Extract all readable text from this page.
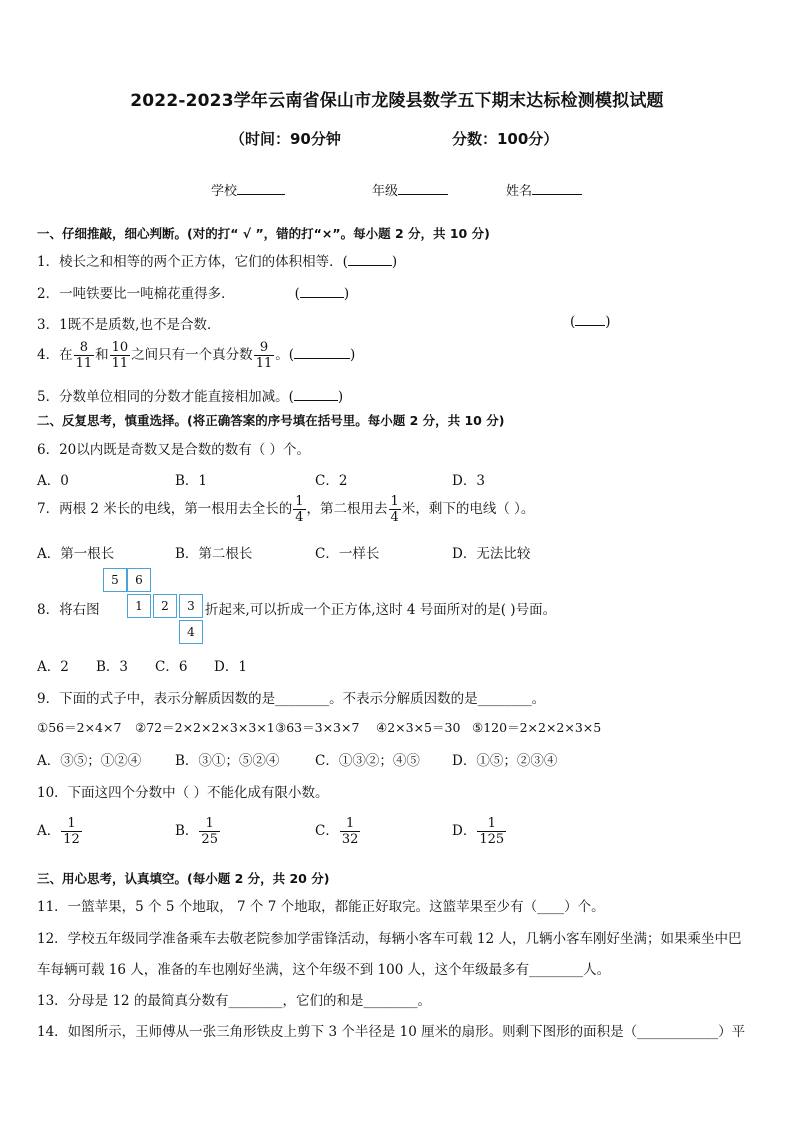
2022-2023学年云南省保山市龙陵县数学五下期末达标检测模拟试题
（时间：90分钟	分数：100分）
学校	年级	姓名
一、仔细推敲，细心判断。(对的打“ √ ”，错的打“×”。每小题 2 分，共 10 分)
1．棱长之和相等的两个正方体，它们的体积相等．(	)
2．一吨铁要比一吨棉花重得多．	(	)
3．1既不是质数,也不是合数．	( )
4．在 $\frac{8}{11}$ 和 $\frac{10}{11}$ 之间只有一个真分数 $\frac{9}{11}$ 。(	)
5．分数单位相同的分数才能直接相加减。(	)
二、反复思考，慎重选择。(将正确答案的序号填在括号里。每小题 2 分，共 10 分)
6．20以内既是奇数又是合数的数有（ ）个。
A．0	B．1	C．2	D．3
7．两根 2 米长的电线，第一根用去全长的 $\frac{1}{4}$ ，第二根用去 $\frac{1}{4}$ 米，剩下的电线（ ）。
A．第一根长	B．第二根长	C．一样长	D．无法比较
5	6
1	2	3
4
8．将右图	折起来,可以折成一个正方体,这时 4 号面所对的是( )号面。
A．2 B．3 C．6 D．1
9．下面的式子中，表示分解质因数的是________。不表示分解质因数的是________。
①56＝2×4×7 ②72＝2×2×2×3×3×1 ③63＝3×3×7 ④2×3×5＝30 ⑤120＝2×2×2×3×5
A．③⑤；①②④	B．③①；⑤②④	C．①③②；④⑤ D．①⑤；②③④
10．下面这四个分数中（ ）不能化成有限小数。
A． $\frac{1}{12}$	B． $\frac{1}{25}$	C． $\frac{1}{32}$	D． $\frac{1}{125}$
三、用心思考，认真填空。(每小题 2 分，共 20 分)
11．一篮苹果，5 个 5 个地取， 7 个 7 个地取，都能正好取完。这篮苹果至少有（____）个。
12．学校五年级同学准备乘车去敬老院参加学雷锋活动，每辆小客车可载 12 人，几辆小客车刚好坐满；如果乘坐中巴
车每辆可载 16 人，准备的车也刚好坐满，这个年级不到 100 人，这个年级最多有________人。
13．分母是 12 的最简真分数有________，它们的和是________。
14．如图所示，王师傅从一张三角形铁皮上剪下 3 个半径是 10 厘米的扇形。则剩下图形的面积是（____________）平
